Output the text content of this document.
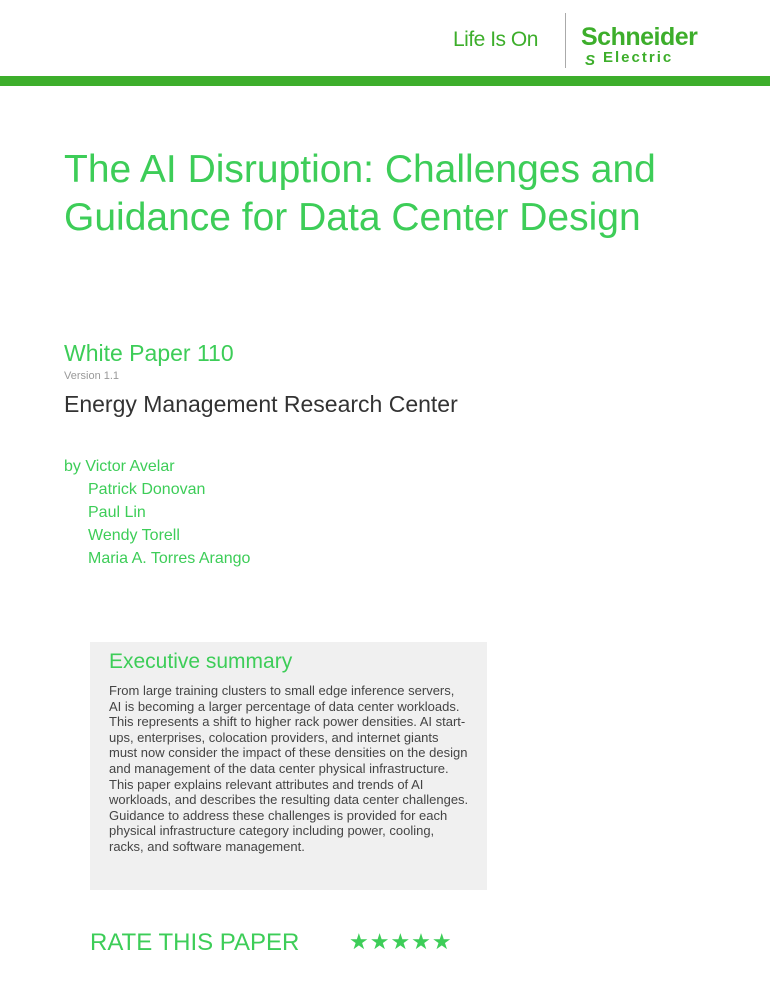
Life Is On Schneider
S Electric
The AI Disruption: Challenges and Guidance for Data Center Design
White Paper 110
Version 1.1
Energy Management Research Center
by Victor Avelar
Patrick Donovan
Paul Lin
Wendy Torell
Maria A. Torres Arango
Executive summary

From large training clusters to small edge inference servers, AI is becoming a larger percentage of data center workloads. This represents a shift to higher rack power densities. AI start-ups, enterprises, colocation providers, and internet giants must now consider the impact of these densities on the design and management of the data center physical infrastructure. This paper explains relevant attributes and trends of AI workloads, and describes the resulting data center challenges. Guidance to address these challenges is provided for each physical infrastructure category including power, cooling, racks, and software management.

RATE THIS PAPER ★★★★★
